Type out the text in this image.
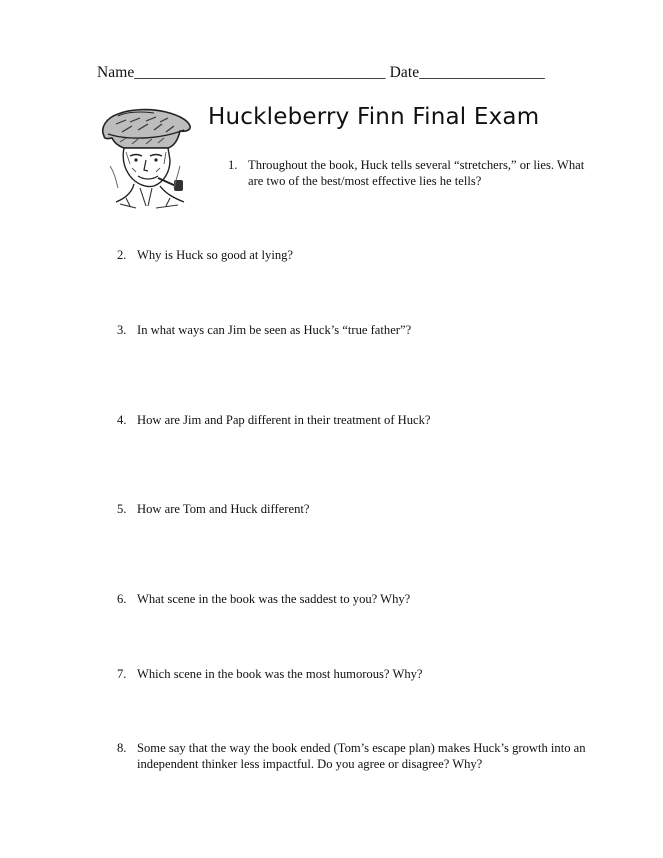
Name________________________________ Date________________
Huckleberry Finn Final Exam
1. Throughout the book, Huck tells several “stretchers,” or lies. What are two of the best/most effective lies he tells?
2. Why is Huck so good at lying?
3. In what ways can Jim be seen as Huck’s “true father”?
4. How are Jim and Pap different in their treatment of Huck?
5. How are Tom and Huck different?
6. What scene in the book was the saddest to you? Why?
7. Which scene in the book was the most humorous? Why?
8. Some say that the way the book ended (Tom’s escape plan) makes Huck’s growth into an independent thinker less impactful. Do you agree or disagree? Why?
